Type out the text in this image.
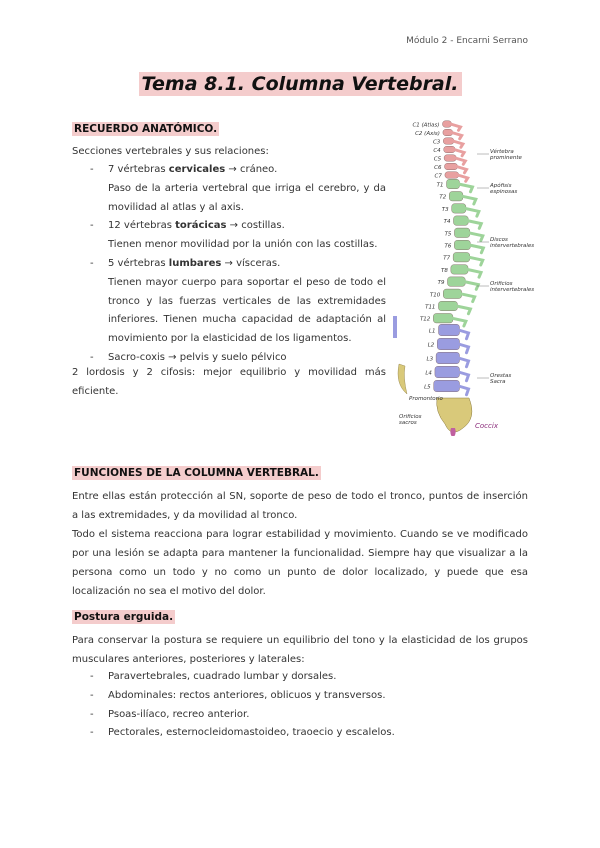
Módulo 2 - Encarni Serrano
Tema 8.1. Columna Vertebral.
RECUERDO ANATÓMICO.
Secciones vertebrales y sus relaciones:
- 7 vértebras cervicales → cráneo.
Paso de la arteria vertebral que irriga el cerebro, y da movilidad al atlas y al axis.
- 12 vértebras torácicas → costillas.
Tienen menor movilidad por la unión con las costillas.
- 5 vértebras lumbares → vísceras.
Tienen mayor cuerpo para soportar el peso de todo el tronco y las fuerzas verticales de las extremidades inferiores. Tienen mucha capacidad de adaptación al movimiento por la elasticidad de los ligamentos.
- Sacro-coxis → pelvis y suelo pélvico
2 lordosis y 2 cifosis: mejor equilibrio y movilidad más eficiente.
C1 (Atlas)
C2 (Axis)
C3
C4
C5
C6
C7
T1
T2
T3
T4
T5
T6
T7
T8
T9
T10
T11
T12
L1
L2
L3
L4
L5
Vértebra
prominente
Apófisis
espinosas
Discos
intervertebrales
Orificios
intervertebrales
Orestas
Sacra
Promontorio
Orificios
sacros	Coccix
FUNCIONES DE LA COLUMNA VERTEBRAL.
Entre ellas están protección al SN, soporte de peso de todo el tronco, puntos de inserción a las extremidades, y da movilidad al tronco.
Todo el sistema reacciona para lograr estabilidad y movimiento. Cuando se ve modificado por una lesión se adapta para mantener la funcionalidad. Siempre hay que visualizar a la persona como un todo y no como un punto de dolor localizado, y puede que esa localización no sea el motivo del dolor.
Postura erguida.
Para conservar la postura se requiere un equilibrio del tono y la elasticidad de los grupos musculares anteriores, posteriores y laterales:
- Paravertebrales, cuadrado lumbar y dorsales.
- Abdominales: rectos anteriores, oblicuos y transversos.
- Psoas-ilíaco, recreo anterior.
- Pectorales, esternocleidomastoideo, traoecio y escalelos.
